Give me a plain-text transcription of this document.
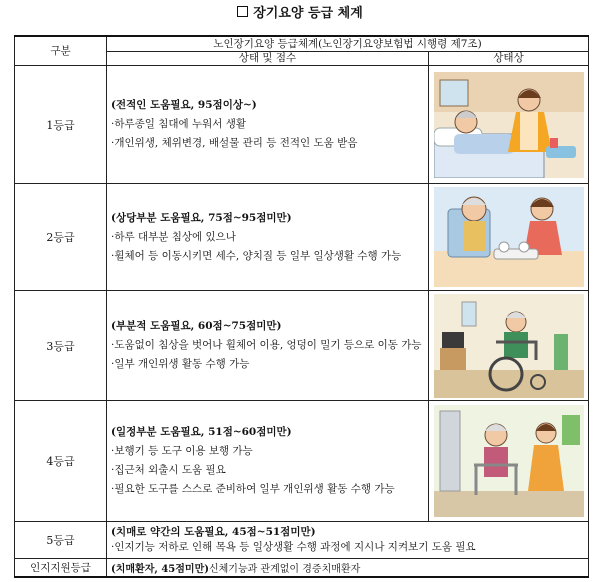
장기요양 등급 체계
구분	노인장기요양 등급체계(노인장기요양보험법 시행령 제7조)	
	상태 및 점수	상태상
1등급	(전적인 도움필요, 95점이상~)
·하루종일 침대에 누워서 생활
·개인위생, 체위변경, 배설물 관리 등 전적인 도움 받음

2등급	(상당부분 도움필요, 75점~95점미만)
·하루 대부분 침상에 있으나
·휠체어 등 이동시키면 세수, 양치질 등 일부 일상생활 수행 가능

3등급	(부분적 도움필요, 60점~75점미만)
·도움없이 침상을 벗어나 휠체어 이용, 엉덩이 밀기 등으로 이동 가능
·일부 개인위생 활동 수행 가능

4등급	(일정부분 도움필요, 51점~60점미만)
·보행기 등 도구 이용 보행 가능
·집근처 외출시 도움 필요
·필요한 도구를 스스로 준비하여 일부 개인위생 활동 수행 가능

5등급	(치매로 약간의 도움필요, 45점~51점미만)
·인지기능 저하로 인해 목욕 등 일상생활 수행 과정에 지시나 지켜보기 도움 필요	

인지지원등급	(치매환자, 45점미만)신체기능과 관계없이 경증치매환자	
